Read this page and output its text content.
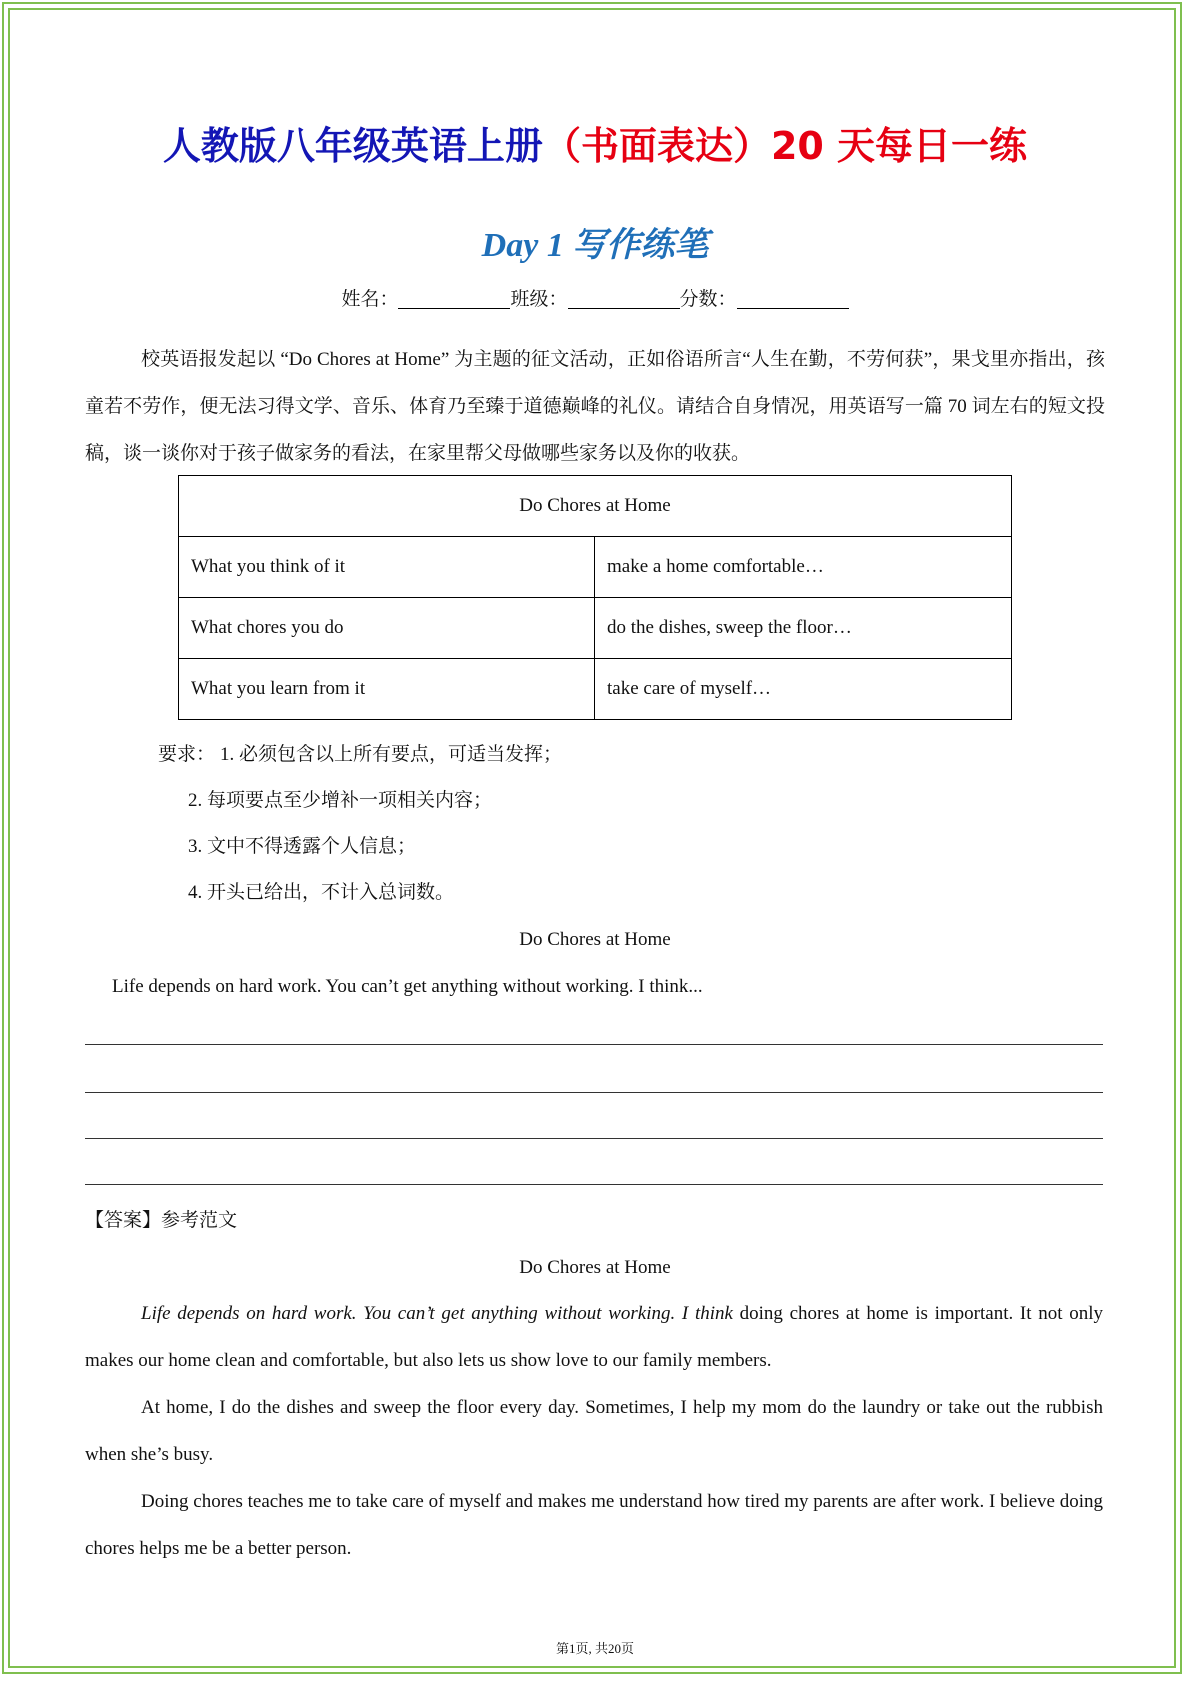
人教版八年级英语上册（书面表达）20 天每日一练
Day 1 写作练笔
姓名：	班级：	分数：
校英语报发起以 “Do Chores at Home” 为主题的征文活动，正如俗语所言“人生在勤，不劳何获”，果戈里亦指出，孩童若不劳作，便无法习得文学、音乐、体育乃至臻于道德巅峰的礼仪。请结合自身情况，用英语写一篇 70 词左右的短文投稿，谈一谈你对于孩子做家务的看法，在家里帮父母做哪些家务以及你的收获。
Do Chores at Home	
What you think of it	make a home comfortable…
What chores you do	do the dishes, sweep the floor…
What you learn from it	take care of myself…
要求： 1. 必须包含以上所有要点，可适当发挥；
2. 每项要点至少增补一项相关内容；
3. 文中不得透露个人信息；
4. 开头已给出，不计入总词数。
Do Chores at Home
Life depends on hard work. You can’t get anything without working. I think...
【答案】参考范文
Do Chores at Home

Life depends on hard work. You can’t get anything without working. I think doing chores at home is important. It not only makes our home clean and comfortable, but also lets us show love to our family members.

At home, I do the dishes and sweep the floor every day. Sometimes, I help my mom do the laundry or take out the rubbish when she’s busy.

Doing chores teaches me to take care of myself and makes me understand how tired my parents are after work. I believe doing chores helps me be a better person.

第1页, 共20页
